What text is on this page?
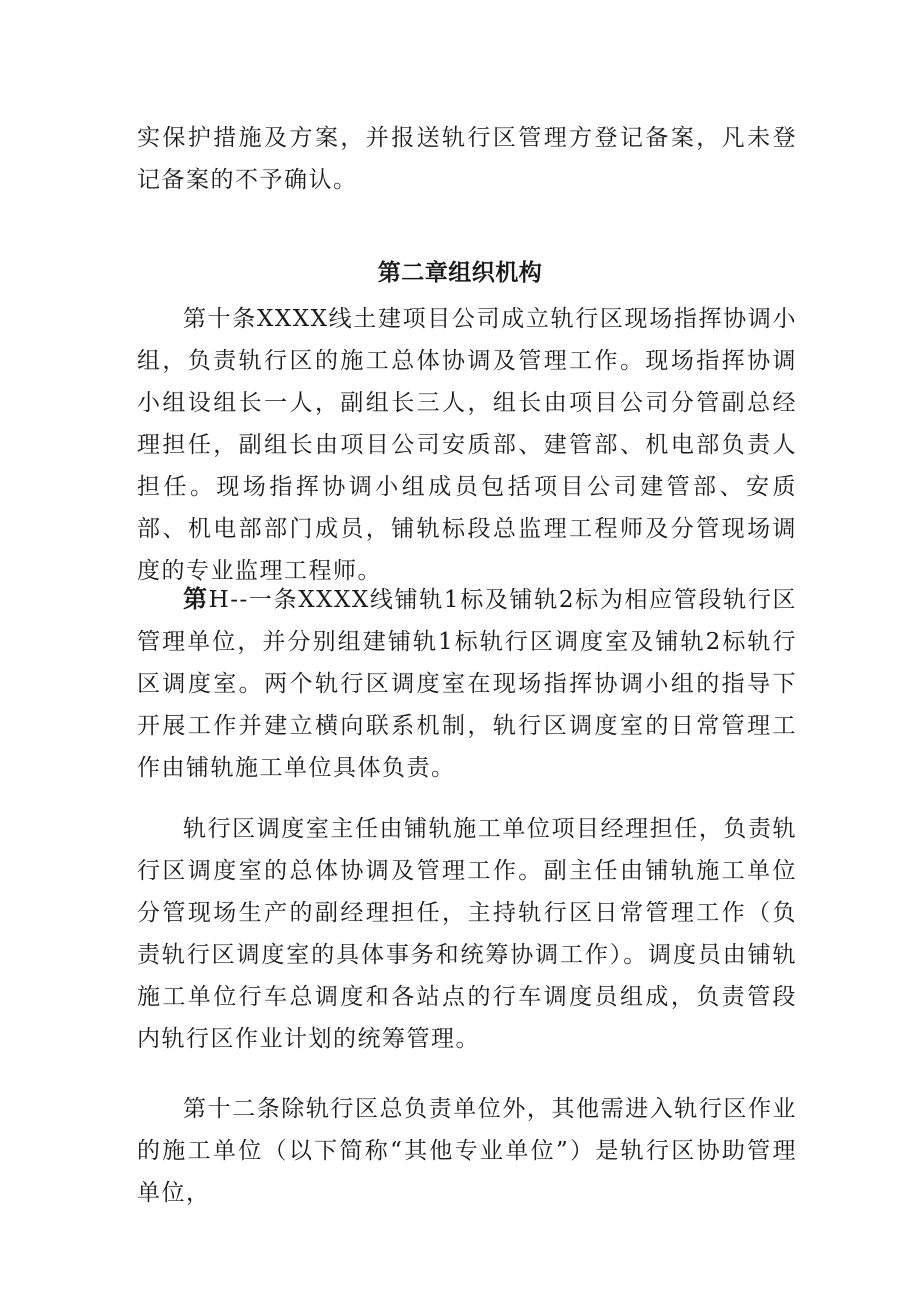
实保护措施及方案，并报送轨行区管理方登记备案，凡未登记备案的不予确认。

第二章组织机构

第十条XXXX线土建项目公司成立轨行区现场指挥协调小组，负责轨行区的施工总体协调及管理工作。现场指挥协调小组设组长一人，副组长三人，组长由项目公司分管副总经理担任，副组长由项目公司安质部、建管部、机电部负责人担任。现场指挥协调小组成员包括项目公司建管部、安质部、机电部部门成员，铺轨标段总监理工程师及分管现场调度的专业监理工程师。

第H--一条XXXX线铺轨1标及铺轨2标为相应管段轨行区管理单位，并分别组建铺轨1标轨行区调度室及铺轨2标轨行区调度室。两个轨行区调度室在现场指挥协调小组的指导下开展工作并建立横向联系机制，轨行区调度室的日常管理工作由铺轨施工单位具体负责。

轨行区调度室主任由铺轨施工单位项目经理担任，负责轨行区调度室的总体协调及管理工作。副主任由铺轨施工单位分管现场生产的副经理担任，主持轨行区日常管理工作（负责轨行区调度室的具体事务和统筹协调工作）。调度员由铺轨施工单位行车总调度和各站点的行车调度员组成，负责管段内轨行区作业计划的统筹管理。

第十二条除轨行区总负责单位外，其他需进入轨行区作业的施工单位（以下简称“其他专业单位”）是轨行区协助管理单位，
